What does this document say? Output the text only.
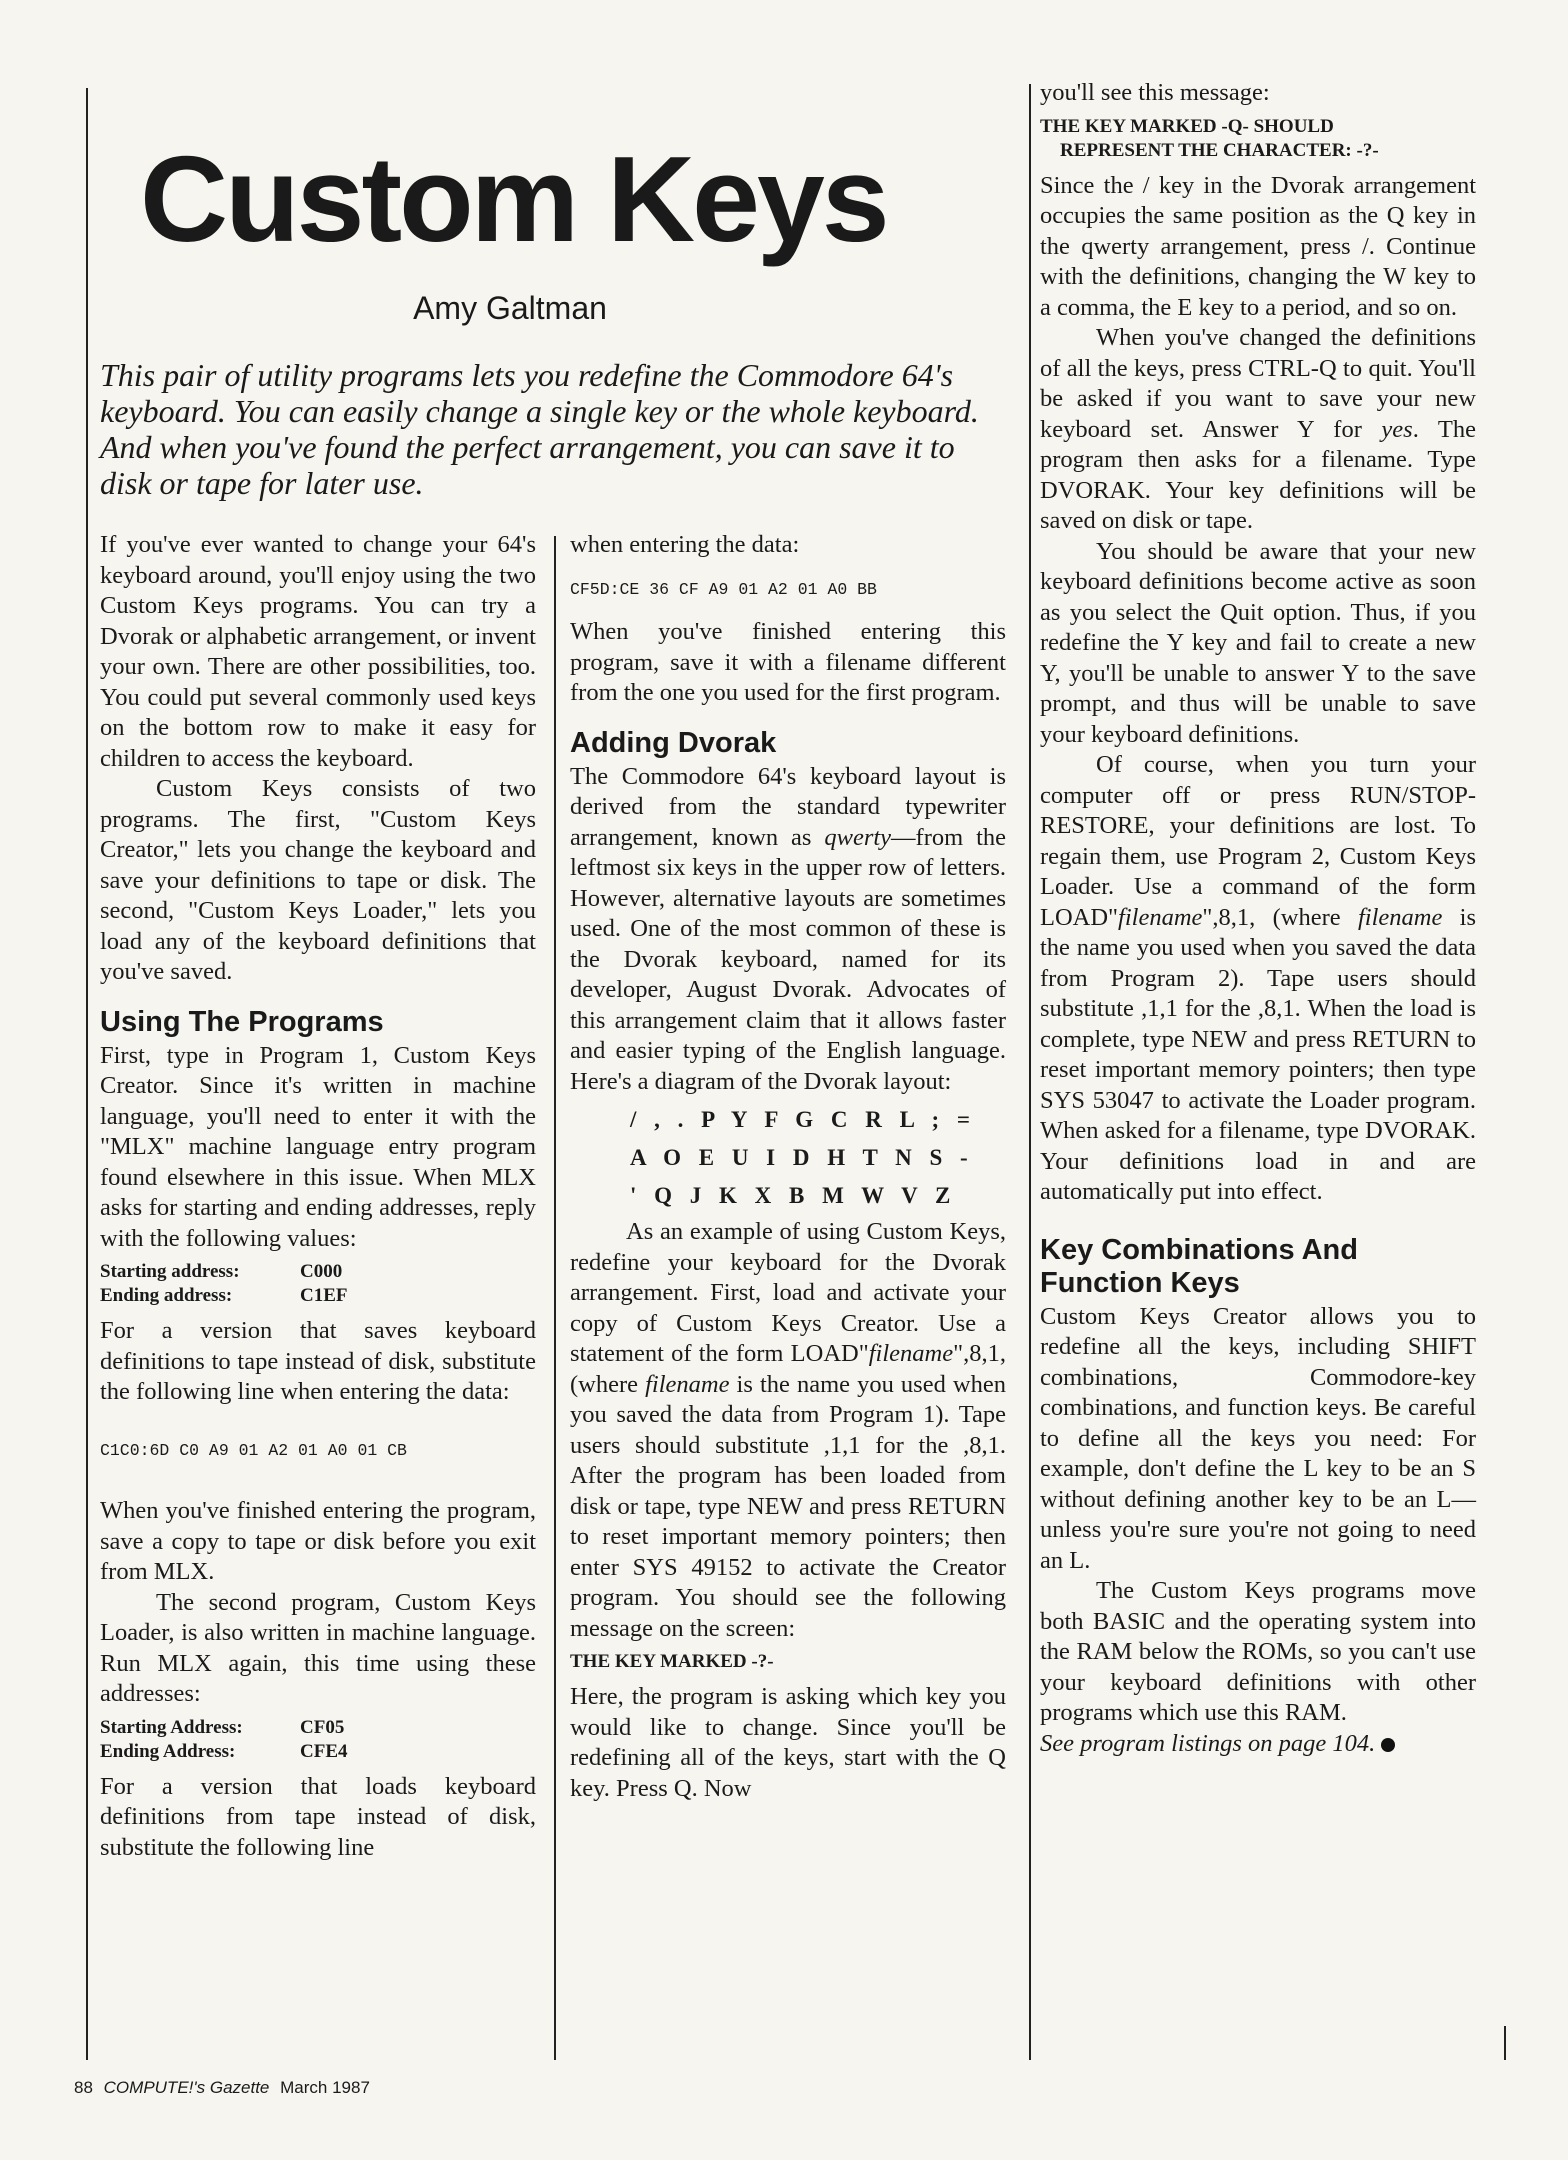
Custom Keys
Amy Galtman
This pair of utility programs lets you redefine the Commodore 64's keyboard. You can easily change a single key or the whole keyboard. And when you've found the perfect arrangement, you can save it to disk or tape for later use.

If you've ever wanted to change your 64's keyboard around, you'll enjoy using the two Custom Keys programs. You can try a Dvorak or alphabetic arrangement, or invent your own. There are other possibilities, too. You could put several commonly used keys on the bottom row to make it easy for children to access the keyboard.

Custom Keys consists of two programs. The first, "Custom Keys Creator," lets you change the keyboard and save your definitions to tape or disk. The second, "Custom Keys Loader," lets you load any of the keyboard definitions that you've saved.

Using The Programs

First, type in Program 1, Custom Keys Creator. Since it's written in machine language, you'll need to enter it with the "MLX" machine language entry program found elsewhere in this issue. When MLX asks for starting and ending addresses, reply with the following values:

Starting address:	C000
Ending address:	C1EF

For a version that saves keyboard definitions to tape instead of disk, substitute the following line when entering the data:

C1C0:6D C0 A9 01 A2 01 A0 01 CB

When you've finished entering the program, save a copy to tape or disk before you exit from MLX.

The second program, Custom Keys Loader, is also written in machine language. Run MLX again, this time using these addresses:

Starting Address:	CF05
Ending Address:	CFE4

For a version that loads keyboard definitions from tape instead of disk, substitute the following line

when entering the data:

CF5D:CE 36 CF A9 01 A2 01 A0 BB

When you've finished entering this program, save it with a filename different from the one you used for the first program.

Adding Dvorak

The Commodore 64's keyboard layout is derived from the standard typewriter arrangement, known as qwerty—from the leftmost six keys in the upper row of letters. However, alternative layouts are sometimes used. One of the most common of these is the Dvorak keyboard, named for its developer, August Dvorak. Advocates of this arrangement claim that it allows faster and easier typing of the English language. Here's a diagram of the Dvorak layout:

/ , . P Y F G C R L ; =
A O E U I D H T N S -
' Q J K X B M W V Z

As an example of using Custom Keys, redefine your keyboard for the Dvorak arrangement. First, load and activate your copy of Custom Keys Creator. Use a statement of the form LOAD"filename",8,1, (where filename is the name you used when you saved the data from Program 1). Tape users should substitute ,1,1 for the ,8,1. After the program has been loaded from disk or tape, type NEW and press RETURN to reset important memory pointers; then enter SYS 49152 to activate the Creator program. You should see the following message on the screen:

THE KEY MARKED -?-

Here, the program is asking which key you would like to change. Since you'll be redefining all of the keys, start with the Q key. Press Q. Now

you'll see this message:

THE KEY MARKED -Q- SHOULD
REPRESENT THE CHARACTER: -?-

Since the / key in the Dvorak arrangement occupies the same position as the Q key in the qwerty arrangement, press /. Continue with the definitions, changing the W key to a comma, the E key to a period, and so on.

When you've changed the definitions of all the keys, press CTRL-Q to quit. You'll be asked if you want to save your new keyboard set. Answer Y for yes. The program then asks for a filename. Type DVORAK. Your key definitions will be saved on disk or tape.

You should be aware that your new keyboard definitions become active as soon as you select the Quit option. Thus, if you redefine the Y key and fail to create a new Y, you'll be unable to answer Y to the save prompt, and thus will be unable to save your keyboard definitions.

Of course, when you turn your computer off or press RUN/STOP-RESTORE, your definitions are lost. To regain them, use Program 2, Custom Keys Loader. Use a command of the form LOAD"filename",8,1, (where filename is the name you used when you saved the data from Program 2). Tape users should substitute ,1,1 for the ,8,1. When the load is complete, type NEW and press RETURN to reset important memory pointers; then type SYS 53047 to activate the Loader program. When asked for a filename, type DVORAK. Your definitions load in and are automatically put into effect.

Key Combinations And Function Keys

Custom Keys Creator allows you to redefine all the keys, including SHIFT combinations, Commodore-key combinations, and function keys. Be careful to define all the keys you need: For example, don't define the L key to be an S without defining another key to be an L—unless you're sure you're not going to need an L.

The Custom Keys programs move both BASIC and the operating system into the RAM below the ROMs, so you can't use your keyboard definitions with other programs which use this RAM.

See program listings on page 104.

88 COMPUTE!'s Gazette March 1987
